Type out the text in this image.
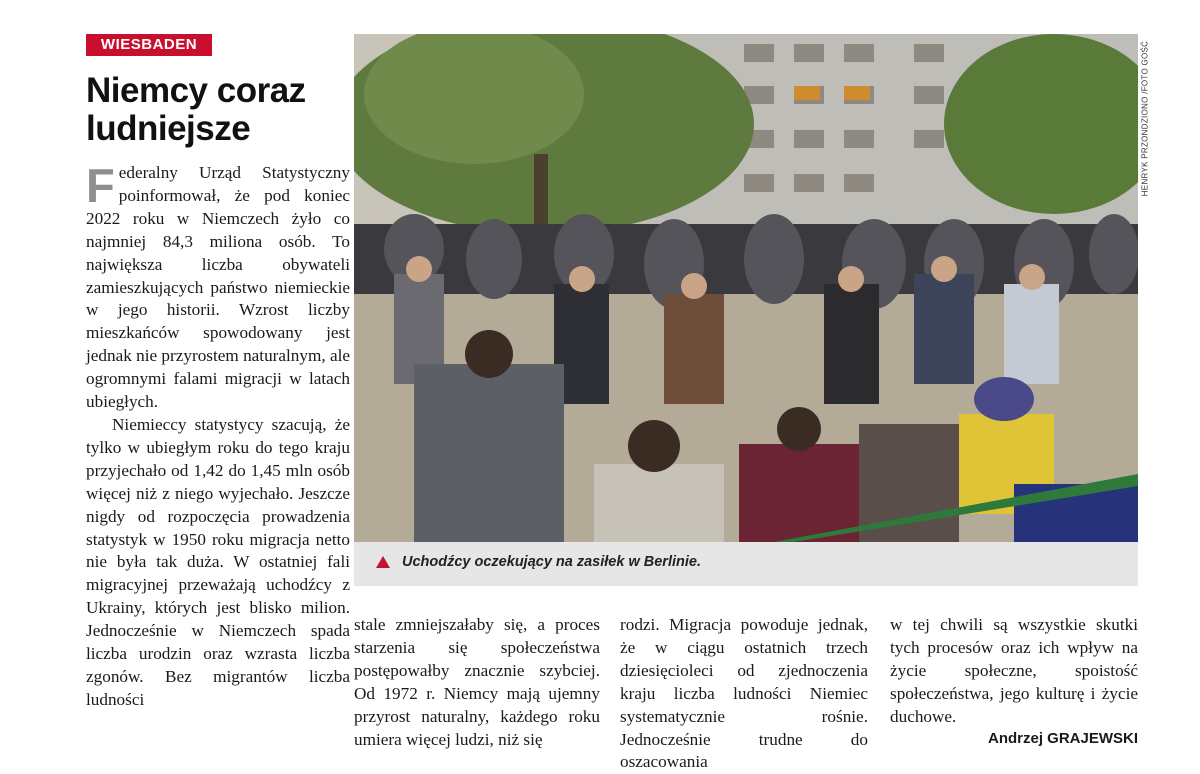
WIESBADEN
Niemcy coraz ludniejsze

Federalny Urząd Statystyczny poinformował, że pod koniec 2022 roku w Niemczech żyło co najmniej 84,3 miliona osób. To największa liczba obywateli zamieszkujących państwo niemieckie w jego historii. Wzrost liczby mieszkańców spowodowany jest jednak nie przyrostem naturalnym, ale ogromnymi falami migracji w latach ubiegłych.

Niemieccy statystycy szacują, że tylko w ubiegłym roku do tego kraju przyjechało od 1,42 do 1,45 mln osób więcej niż z niego wyjechało. Jeszcze nigdy od rozpoczęcia prowadzenia statystyk w 1950 roku migracja netto nie była tak duża. W ostatniej fali migracyjnej przeważają uchodźcy z Ukrainy, których jest blisko milion. Jednocześnie w Niemczech spada liczba urodzin oraz wzrasta liczba zgonów. Bez migrantów liczba ludności

HENRYK PRZONDZIONO /FOTO GOŚĆ
Uchodźcy oczekujący na zasiłek w Berlinie.

stale zmniejszałaby się, a proces starzenia się społeczeństwa postępowałby znacznie szybciej. Od 1972 r. Niemcy mają ujemny przyrost naturalny, każdego roku umiera więcej ludzi, niż się

rodzi. Migracja powoduje jednak, że w ciągu ostatnich trzech dziesięcioleci od zjednoczenia kraju liczba ludności Niemiec systematycznie rośnie. Jednocześnie trudne do oszacowania

w tej chwili są wszystkie skutki tych procesów oraz ich wpływ na życie społeczne, spoistość społeczeństwa, jego kulturę i życie duchowe.

Andrzej GRAJEWSKI
